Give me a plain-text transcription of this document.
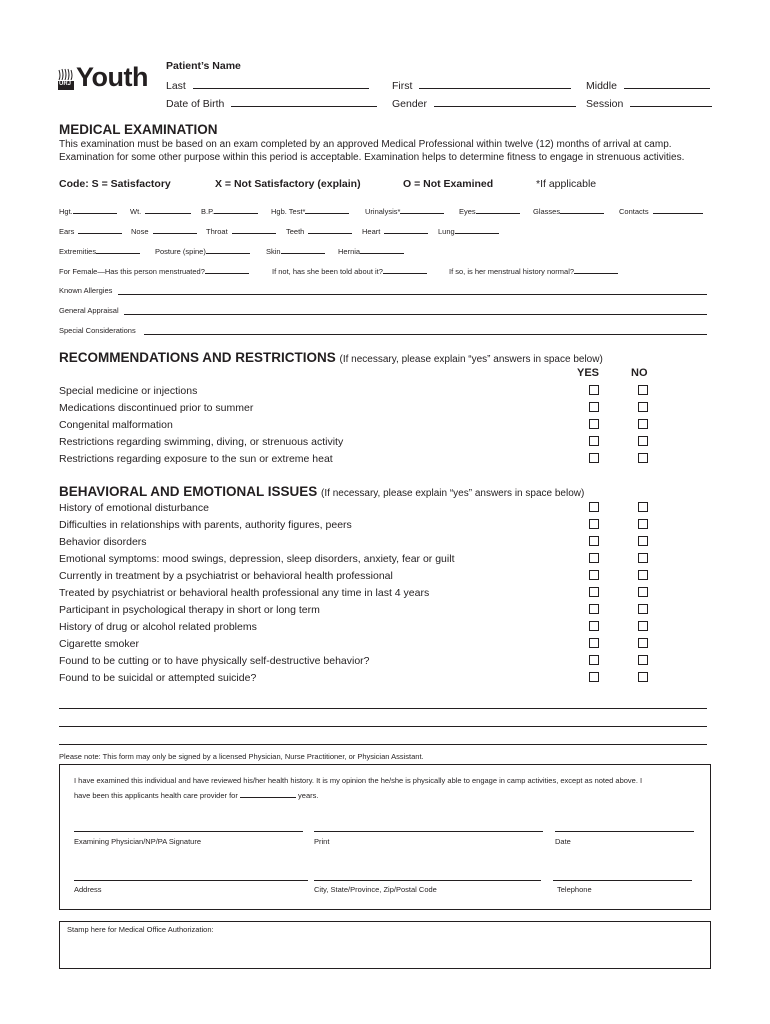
Patient’s Name
URJ Youth Last	First	Middle
Date of Birth	Gender	Session
MEDICAL EXAMINATION
This examination must be based on an exam completed by an approved Medical Professional within twelve (12) months of arrival at camp.
Examination for some other purpose within this period is acceptable. Examination helps to determine fitness to engage in strenuous activities.
Code: S = Satisfactory	X = Not Satisfactory (explain)	O = Not Examined	*If applicable
Hgt.	Wt.	B.P.	Hgb. Test*	Urinalysis*	Eyes	Glasses	Contacts
Ears	Nose	Throat	Teeth	Heart	Lung
Extremities	Posture (spine)	Skin	Hernia
For Female—Has this person menstruated?	If not, has she been told about it?	If so, is her menstrual history normal?
Known Allergies
General Appraisal
Special Considerations
RECOMMENDATIONS AND RESTRICTIONS (If necessary, please explain “yes” answers in space below)
YES	NO
Special medicine or injections
Medications discontinued prior to summer
Congenital malformation
Restrictions regarding swimming, diving, or strenuous activity
Restrictions regarding exposure to the sun or extreme heat
BEHAVIORAL AND EMOTIONAL ISSUES (If necessary, please explain “yes” answers in space below)
History of emotional disturbance
Difficulties in relationships with parents, authority figures, peers
Behavior disorders
Emotional symptoms: mood swings, depression, sleep disorders, anxiety, fear or guilt
Currently in treatment by a psychiatrist or behavioral health professional
Treated by psychiatrist or behavioral health professional any time in last 4 years
Participant in psychological therapy in short or long term
History of drug or alcohol related problems
Cigarette smoker
Found to be cutting or to have physically self-destructive behavior?
Found to be suicidal or attempted suicide?
Please note: This form may only be signed by a licensed Physician, Nurse Practitioner, or Physician Assistant.
I have examined this individual and have reviewed his/her health history. It is my opinion the he/she is physically able to engage in camp activities, except as noted above. I
have been this applicants health care provider for	years.
Examining Physician/NP/PA Signature	Print	Date
Address	City, State/Province, Zip/Postal Code	Telephone
Stamp here for Medical Office Authorization:
